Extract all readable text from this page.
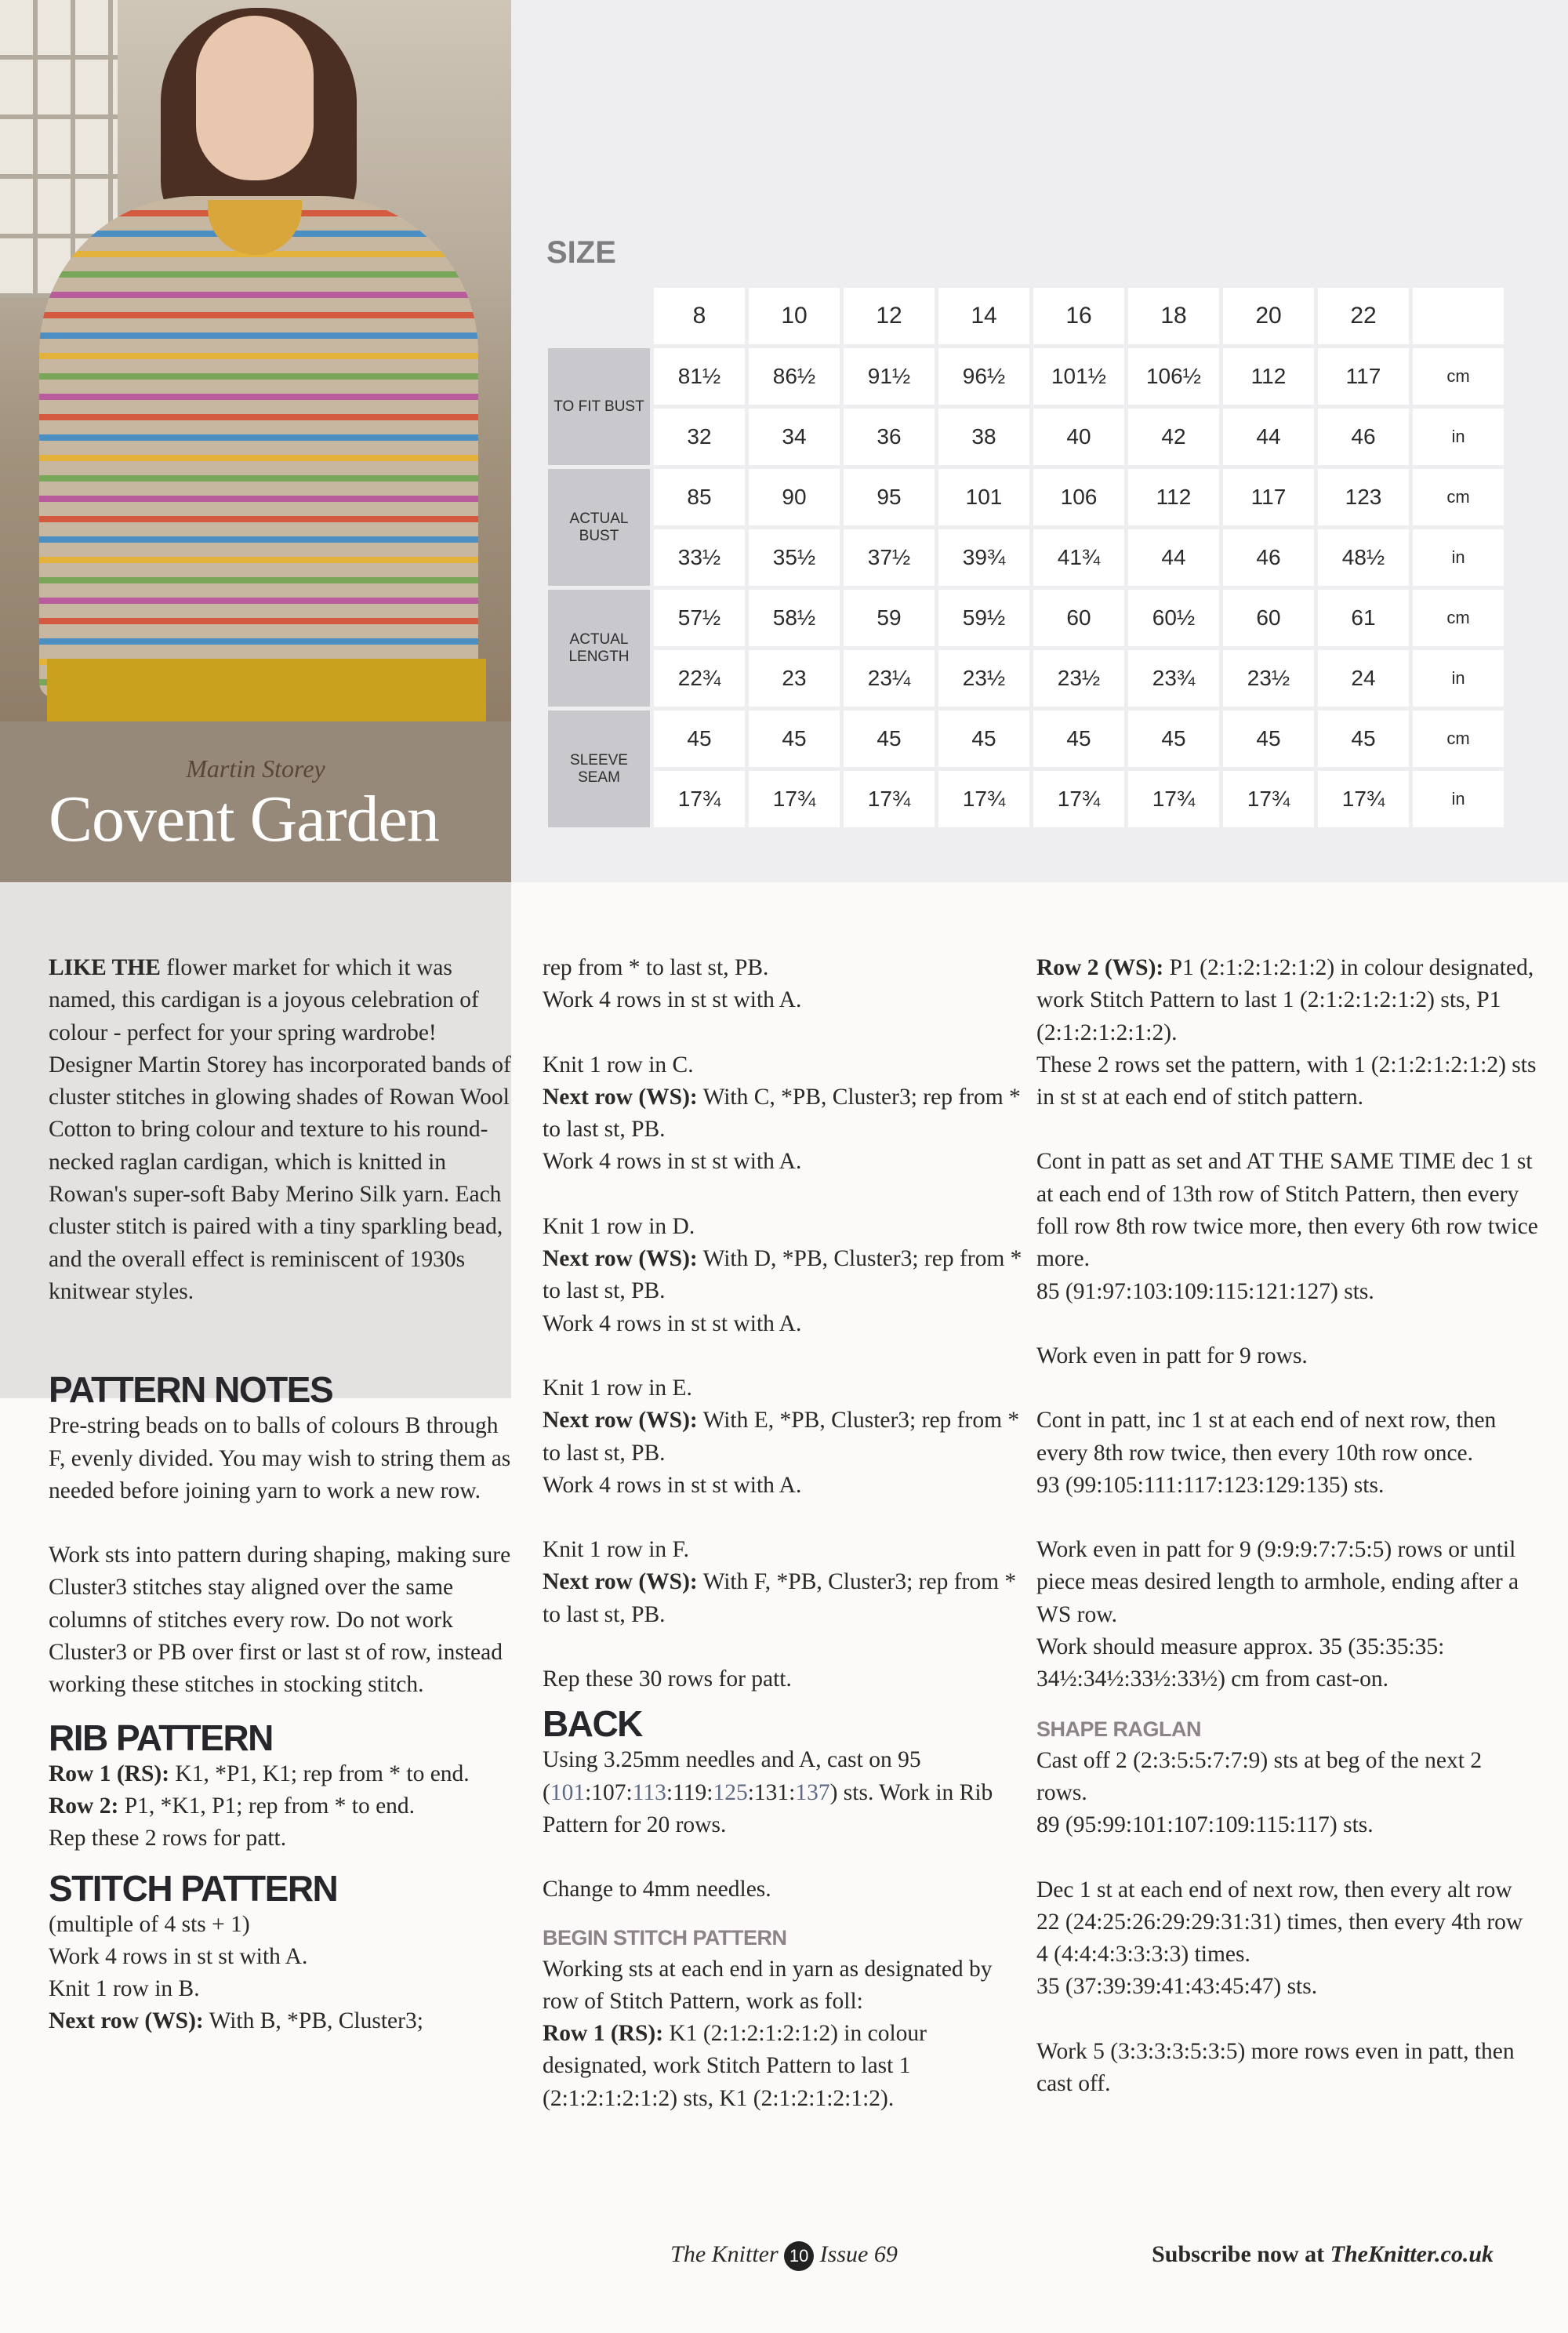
Martin Storey
Covent Garden
SIZE
	8	10	12	14	16	18	20	22	
TO FIT BUST	81½	86½	91½	96½	101½	106½	112	117	cm
	32	34	36	38	40	42	44	46	in
ACTUAL BUST	85	90	95	101	106	112	117	123	cm
	33½	35½	37½	39¾	41¾	44	46	48½	in
ACTUAL LENGTH	57½	58½	59	59½	60	60½	60	61	cm
	22¾	23	23¼	23½	23½	23¾	23½	24	in
SLEEVE SEAM	45	45	45	45	45	45	45	45	cm
	17¾	17¾	17¾	17¾	17¾	17¾	17¾	17¾	in

LIKE THE flower market for which it was named, this cardigan is a joyous celebration of colour - perfect for your spring wardrobe! Designer Martin Storey has incorporated bands of cluster stitches in glowing shades of Rowan Wool Cotton to bring colour and texture to his round-necked raglan cardigan, which is knitted in Rowan's super-soft Baby Merino Silk yarn. Each cluster stitch is paired with a tiny sparkling bead, and the overall effect is reminiscent of 1930s knitwear styles.

PATTERN NOTES

Pre-string beads on to balls of colours B through F, evenly divided. You may wish to string them as needed before joining yarn to work a new row.

Work sts into pattern during shaping, making sure Cluster3 stitches stay aligned over the same columns of stitches every row. Do not work Cluster3 or PB over first or last st of row, instead working these stitches in stocking stitch.

RIB PATTERN

Row 1 (RS): K1, *P1, K1; rep from * to end.

Row 2: P1, *K1, P1; rep from * to end.

Rep these 2 rows for patt.

STITCH PATTERN

(multiple of 4 sts + 1)

Work 4 rows in st st with A.

Knit 1 row in B.

Next row (WS): With B, *PB, Cluster3;

rep from * to last st, PB.

Work 4 rows in st st with A.

Knit 1 row in C.

Next row (WS): With C, *PB, Cluster3; rep from * to last st, PB.

Work 4 rows in st st with A.

Knit 1 row in D.

Next row (WS): With D, *PB, Cluster3; rep from * to last st, PB.

Work 4 rows in st st with A.

Knit 1 row in E.

Next row (WS): With E, *PB, Cluster3; rep from * to last st, PB.

Work 4 rows in st st with A.

Knit 1 row in F.

Next row (WS): With F, *PB, Cluster3; rep from * to last st, PB.

Rep these 30 rows for patt.

BACK

Using 3.25mm needles and A, cast on 95 (101:107:113:119:125:131:137) sts. Work in Rib Pattern for 20 rows.

Change to 4mm needles.

BEGIN STITCH PATTERN

Working sts at each end in yarn as designated by row of Stitch Pattern, work as foll:

Row 1 (RS): K1 (2:1:2:1:2:1:2) in colour designated, work Stitch Pattern to last 1 (2:1:2:1:2:1:2) sts, K1 (2:1:2:1:2:1:2).

Row 2 (WS): P1 (2:1:2:1:2:1:2) in colour designated, work Stitch Pattern to last 1 (2:1:2:1:2:1:2) sts, P1 (2:1:2:1:2:1:2).

These 2 rows set the pattern, with 1 (2:1:2:1:2:1:2) sts in st st at each end of stitch pattern.

Cont in patt as set and AT THE SAME TIME dec 1 st at each end of 13th row of Stitch Pattern, then every foll row 8th row twice more, then every 6th row twice more.

85 (91:97:103:109:115:121:127) sts.

Work even in patt for 9 rows.

Cont in patt, inc 1 st at each end of next row, then every 8th row twice, then every 10th row once.

93 (99:105:111:117:123:129:135) sts.

Work even in patt for 9 (9:9:9:7:7:5:5) rows or until piece meas desired length to armhole, ending after a WS row.

Work should measure approx. 35 (35:35:35: 34½:34½:33½:33½) cm from cast-on.

SHAPE RAGLAN

Cast off 2 (2:3:5:5:7:7:9) sts at beg of the next 2 rows.

89 (95:99:101:107:109:115:117) sts.

Dec 1 st at each end of next row, then every alt row 22 (24:25:26:29:29:31:31) times, then every 4th row 4 (4:4:4:3:3:3:3) times.

35 (37:39:39:41:43:45:47) sts.

Work 5 (3:3:3:3:5:3:5) more rows even in patt, then cast off.

The Knitter 10 Issue 69	Subscribe now at TheKnitter.co.uk
